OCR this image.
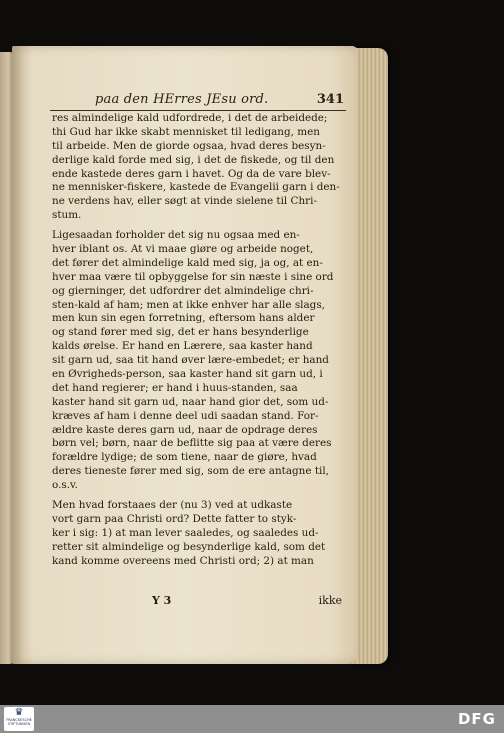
paa den HErres JEsu ord.	341
res almindelige kald udfordrede, i det de arbeidede;
thi Gud har ikke skabt mennisket til ledigang, men
til arbeide. Men de giorde ogsaa, hvad deres besyn-
derlige kald forde med sig, i det de fiskede, og til den
ende kastede deres garn i havet. Og da de vare blev-
ne mennisker-fiskere, kastede de Evangelii garn i den-
ne verdens hav, eller søgt at vinde sielene til Chri-
stum.
Ligesaadan forholder det sig nu ogsaa med en-
hver iblant os. At vi maae giøre og arbeide noget,
det fører det almindelige kald med sig, ja og, at en-
hver maa være til opbyggelse for sin næste i sine ord
og gierninger, det udfordrer det almindelige chri-
sten-kald af ham; men at ikke enhver har alle slags,
men kun sin egen forretning, eftersom hans alder
og stand fører med sig, det er hans besynderlige
kalds ørelse. Er hand en Lærere, saa kaster hand
sit garn ud, saa tit hand øver lære-embedet; er hand
en Øvrigheds-person, saa kaster hand sit garn ud, i
det hand regierer; er hand i huus-standen, saa
kaster hand sit garn ud, naar hand gior det, som ud-
kræves af ham i denne deel udi saadan stand. For-
ældre kaste deres garn ud, naar de opdrage deres
børn vel; børn, naar de beflitte sig paa at være deres
forældre lydige; de som tiene, naar de giøre, hvad
deres tieneste fører med sig, som de ere antagne til,
o.s.v.
Men hvad forstaaes der (nu 3) ved at udkaste
vort garn paa Christi ord? Dette fatter to styk-
ker i sig: 1) at man lever saaledes, og saaledes ud-
retter sit almindelige og besynderlige kald, som det
kand komme overeens med Christi ord; 2) at man
Y 3	ikke
♛
FRANCKESCHE STIFTUNGEN	DFG
